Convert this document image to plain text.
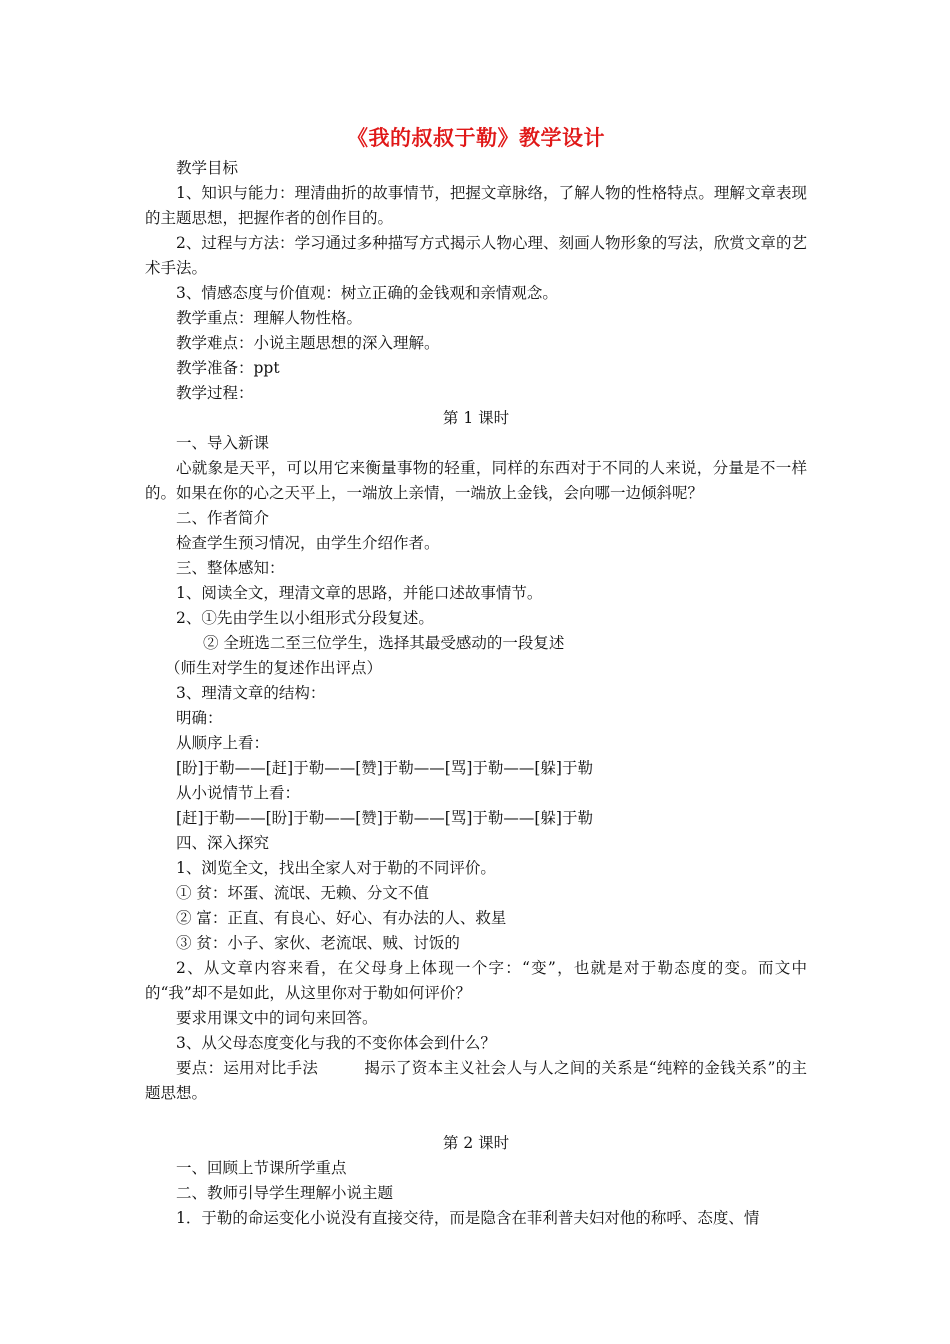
《我的叔叔于勒》教学设计

教学目标

1、知识与能力：理清曲折的故事情节，把握文章脉络，了解人物的性格特点。理解文章表现的主题思想，把握作者的创作目的。

2、过程与方法：学习通过多种描写方式揭示人物心理、刻画人物形象的写法，欣赏文章的艺术手法。

3、情感态度与价值观：树立正确的金钱观和亲情观念。

教学重点：理解人物性格。

教学难点：小说主题思想的深入理解。

教学准备：ppt

教学过程：

第 1 课时

一、导入新课

心就象是天平，可以用它来衡量事物的轻重，同样的东西对于不同的人来说，分量是不一样的。如果在你的心之天平上，一端放上亲情，一端放上金钱，会向哪一边倾斜呢？

二、作者简介

检查学生预习情况，由学生介绍作者。

三、整体感知：

1、阅读全文，理清文章的思路，并能口述故事情节。

2、①先由学生以小组形式分段复述。

② 全班选二至三位学生，选择其最受感动的一段复述

（师生对学生的复述作出评点）

3、理清文章的结构：

明确：

从顺序上看：

[盼]于勒——[赶]于勒——[赞]于勒——[骂]于勒——[躲]于勒

从小说情节上看：

[赶]于勒——[盼]于勒——[赞]于勒——[骂]于勒——[躲]于勒

四、深入探究

1、浏览全文，找出全家人对于勒的不同评价。

① 贫：坏蛋、流氓、无赖、分文不值

② 富：正直、有良心、好心、有办法的人、救星

③ 贫：小子、家伙、老流氓、贼、讨饭的

2、从文章内容来看，在父母身上体现一个字：“变”，也就是对于勒态度的变。而文中的“我”却不是如此，从这里你对于勒如何评价？

要求用课文中的词句来回答。

3、从父母态度变化与我的不变你体会到什么？

要点：运用对比手法	揭示了资本主义社会人与人之间的关系是“纯粹的金钱关系”的主题思想。

第 2 课时

一、回顾上节课所学重点

二、教师引导学生理解小说主题

1．于勒的命运变化小说没有直接交待，而是隐含在菲利普夫妇对他的称呼、态度、情
